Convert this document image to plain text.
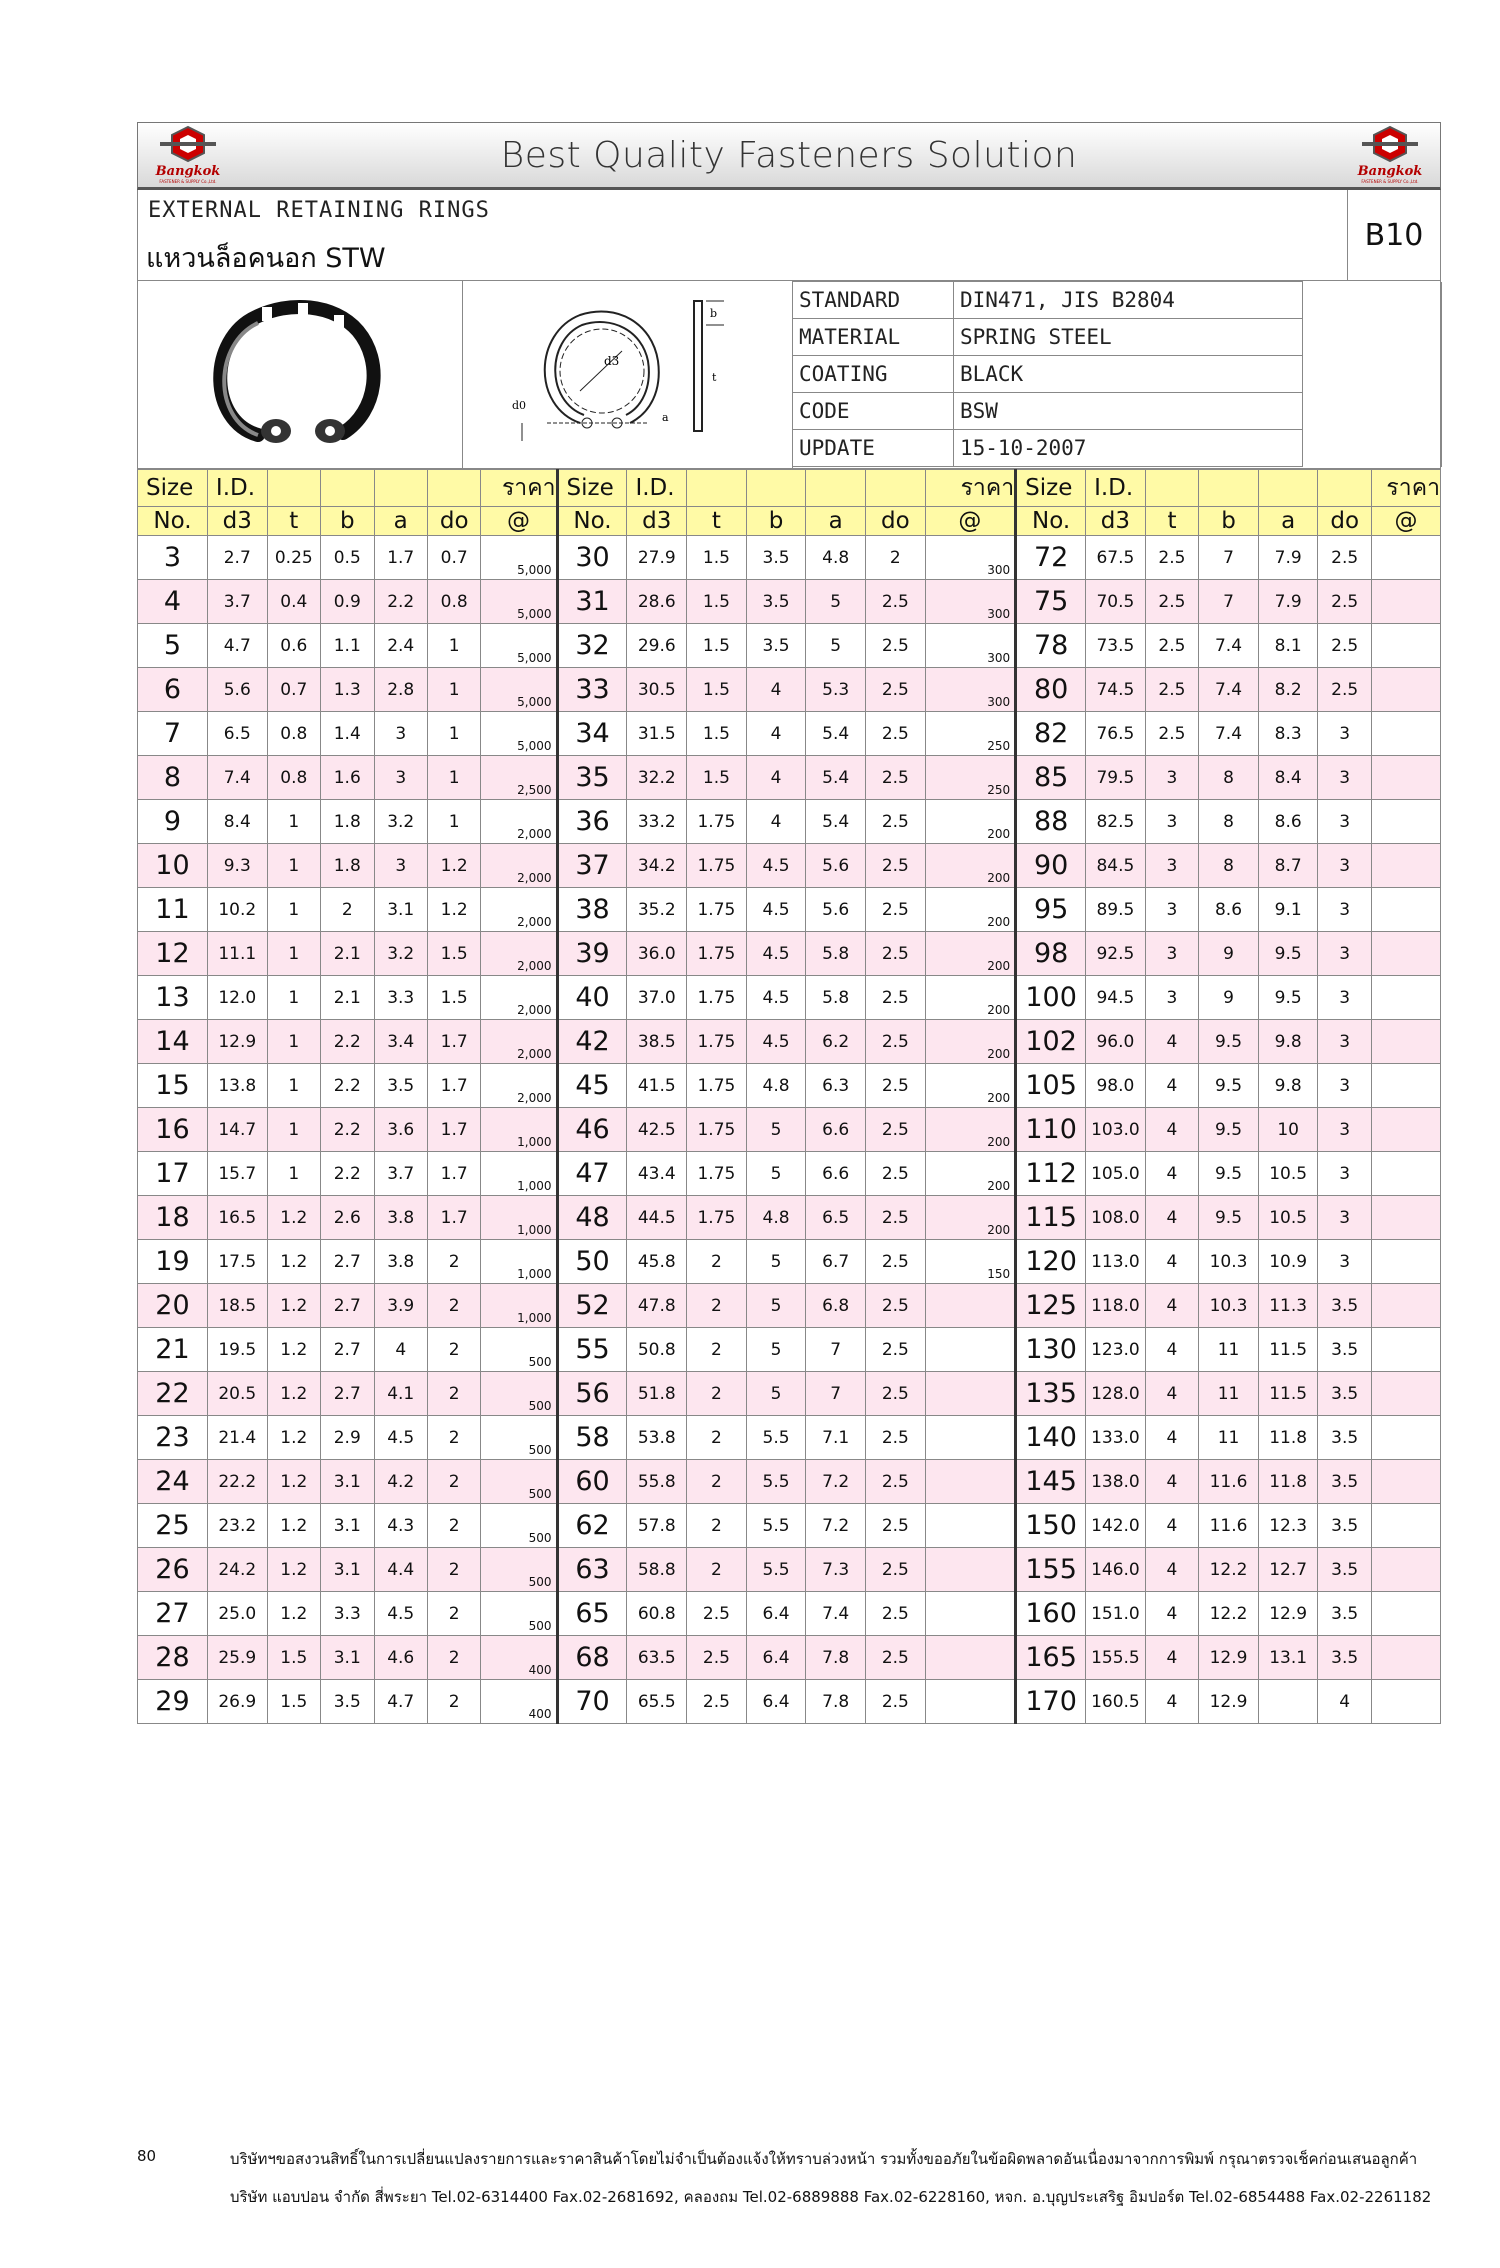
Bangkok
FASTENER & SUPPLY Co.,Ltd.
Best Quality Fasteners Solution	Bangkok
FASTENER & SUPPLY Co.,Ltd.
EXTERNAL RETAINING RINGS
แหวนล็อคนอก STW
B10
d3
d0
b
t
a
STANDARD	DIN471, JIS B2804	
MATERIAL	SPRING STEEL	
COATING	BLACK	
CODE	BSW	
UPDATE	15-10-2007	
Size	I.D.					ราคา	Size	I.D.					ราคา	Size	I.D.					ราคา
No.	d3	t	b	a	do	@	No.	d3	t	b	a	do	@	No.	d3	t	b	a	do	@
3	2.7	0.25	0.5	1.7	0.7	5,000	30	27.9	1.5	3.5	4.8	2	300	72	67.5	2.5	7	7.9	2.5	

4	3.7	0.4	0.9	2.2	0.8	5,000	31	28.6	1.5	3.5	5	2.5	300	75	70.5	2.5	7	7.9	2.5	

5	4.7	0.6	1.1	2.4	1	5,000	32	29.6	1.5	3.5	5	2.5	300	78	73.5	2.5	7.4	8.1	2.5	

6	5.6	0.7	1.3	2.8	1	5,000	33	30.5	1.5	4	5.3	2.5	300	80	74.5	2.5	7.4	8.2	2.5	

7	6.5	0.8	1.4	3	1	5,000	34	31.5	1.5	4	5.4	2.5	250	82	76.5	2.5	7.4	8.3	3	

8	7.4	0.8	1.6	3	1	2,500	35	32.2	1.5	4	5.4	2.5	250	85	79.5	3	8	8.4	3	

9	8.4	1	1.8	3.2	1	2,000	36	33.2	1.75	4	5.4	2.5	200	88	82.5	3	8	8.6	3	

10	9.3	1	1.8	3	1.2	2,000	37	34.2	1.75	4.5	5.6	2.5	200	90	84.5	3	8	8.7	3	

11	10.2	1	2	3.1	1.2	2,000	38	35.2	1.75	4.5	5.6	2.5	200	95	89.5	3	8.6	9.1	3	

12	11.1	1	2.1	3.2	1.5	2,000	39	36.0	1.75	4.5	5.8	2.5	200	98	92.5	3	9	9.5	3	

13	12.0	1	2.1	3.3	1.5	2,000	40	37.0	1.75	4.5	5.8	2.5	200	100	94.5	3	9	9.5	3	

14	12.9	1	2.2	3.4	1.7	2,000	42	38.5	1.75	4.5	6.2	2.5	200	102	96.0	4	9.5	9.8	3	

15	13.8	1	2.2	3.5	1.7	2,000	45	41.5	1.75	4.8	6.3	2.5	200	105	98.0	4	9.5	9.8	3	

16	14.7	1	2.2	3.6	1.7	1,000	46	42.5	1.75	5	6.6	2.5	200	110	103.0	4	9.5	10	3	

17	15.7	1	2.2	3.7	1.7	1,000	47	43.4	1.75	5	6.6	2.5	200	112	105.0	4	9.5	10.5	3	

18	16.5	1.2	2.6	3.8	1.7	1,000	48	44.5	1.75	4.8	6.5	2.5	200	115	108.0	4	9.5	10.5	3	

19	17.5	1.2	2.7	3.8	2	1,000	50	45.8	2	5	6.7	2.5	150	120	113.0	4	10.3	10.9	3	

20	18.5	1.2	2.7	3.9	2	1,000	52	47.8	2	5	6.8	2.5		125	118.0	4	10.3	11.3	3.5	

21	19.5	1.2	2.7	4	2	500	55	50.8	2	5	7	2.5		130	123.0	4	11	11.5	3.5	

22	20.5	1.2	2.7	4.1	2	500	56	51.8	2	5	7	2.5		135	128.0	4	11	11.5	3.5	

23	21.4	1.2	2.9	4.5	2	500	58	53.8	2	5.5	7.1	2.5		140	133.0	4	11	11.8	3.5	

24	22.2	1.2	3.1	4.2	2	500	60	55.8	2	5.5	7.2	2.5		145	138.0	4	11.6	11.8	3.5	

25	23.2	1.2	3.1	4.3	2	500	62	57.8	2	5.5	7.2	2.5		150	142.0	4	11.6	12.3	3.5	

26	24.2	1.2	3.1	4.4	2	500	63	58.8	2	5.5	7.3	2.5		155	146.0	4	12.2	12.7	3.5	

27	25.0	1.2	3.3	4.5	2	500	65	60.8	2.5	6.4	7.4	2.5		160	151.0	4	12.2	12.9	3.5	

28	25.9	1.5	3.1	4.6	2	400	68	63.5	2.5	6.4	7.8	2.5		165	155.5	4	12.9	13.1	3.5	

29	26.9	1.5	3.5	4.7	2	400	70	65.5	2.5	6.4	7.8	2.5		170	160.5	4	12.9		4	
80	บริษัทฯขอสงวนสิทธิ์ในการเปลี่ยนแปลงรายการและราคาสินค้าโดยไม่จำเป็นต้องแจ้งให้ทราบล่วงหน้า รวมทั้งขออภัยในข้อผิดพลาดอันเนื่องมาจากการพิมพ์ กรุณาตรวจเช็คก่อนเสนอลูกค้า
บริษัท แอบปอน จำกัด สี่พระยา Tel.02-6314400 Fax.02-2681692, คลองถม Tel.02-6889888 Fax.02-6228160, หจก. อ.บุญประเสริฐ อิมปอร์ต Tel.02-6854488 Fax.02-2261182
